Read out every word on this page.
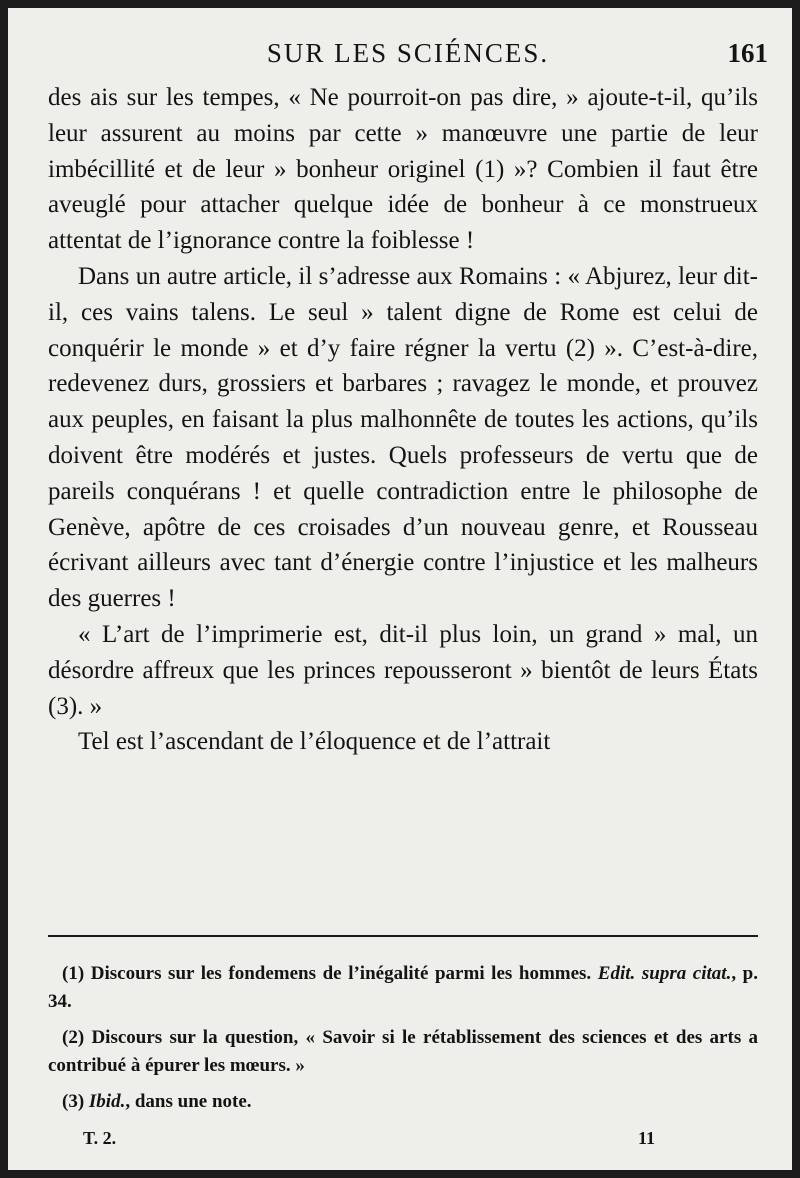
SUR LES SCIÉNCES.	161

des ais sur les tempes, « Ne pourroit-on pas dire, » ajoute-t-il, qu’ils leur assurent au moins par cette » manœuvre une partie de leur imbécillité et de leur » bonheur originel (1) »? Combien il faut être aveuglé pour attacher quelque idée de bonheur à ce monstrueux attentat de l’ignorance contre la foiblesse !

Dans un autre article, il s’adresse aux Romains : « Abjurez, leur dit-il, ces vains talens. Le seul » talent digne de Rome est celui de conquérir le monde » et d’y faire régner la vertu (2) ». C’est-à-dire, redevenez durs, grossiers et barbares ; ravagez le monde, et prouvez aux peuples, en faisant la plus malhonnête de toutes les actions, qu’ils doivent être modérés et justes. Quels professeurs de vertu que de pareils conquérans ! et quelle contradiction entre le philosophe de Genève, apôtre de ces croisades d’un nouveau genre, et Rousseau écrivant ailleurs avec tant d’énergie contre l’injustice et les malheurs des guerres !

« L’art de l’imprimerie est, dit-il plus loin, un grand » mal, un désordre affreux que les princes repousseront » bientôt de leurs États (3). »

Tel est l’ascendant de l’éloquence et de l’attrait

(1) Discours sur les fondemens de l’inégalité parmi les hommes. Edit. supra citat., p. 34.

(2) Discours sur la question, « Savoir si le rétablissement des sciences et des arts a contribué à épurer les mœurs. »

(3) Ibid., dans une note.

T. 2.	11
